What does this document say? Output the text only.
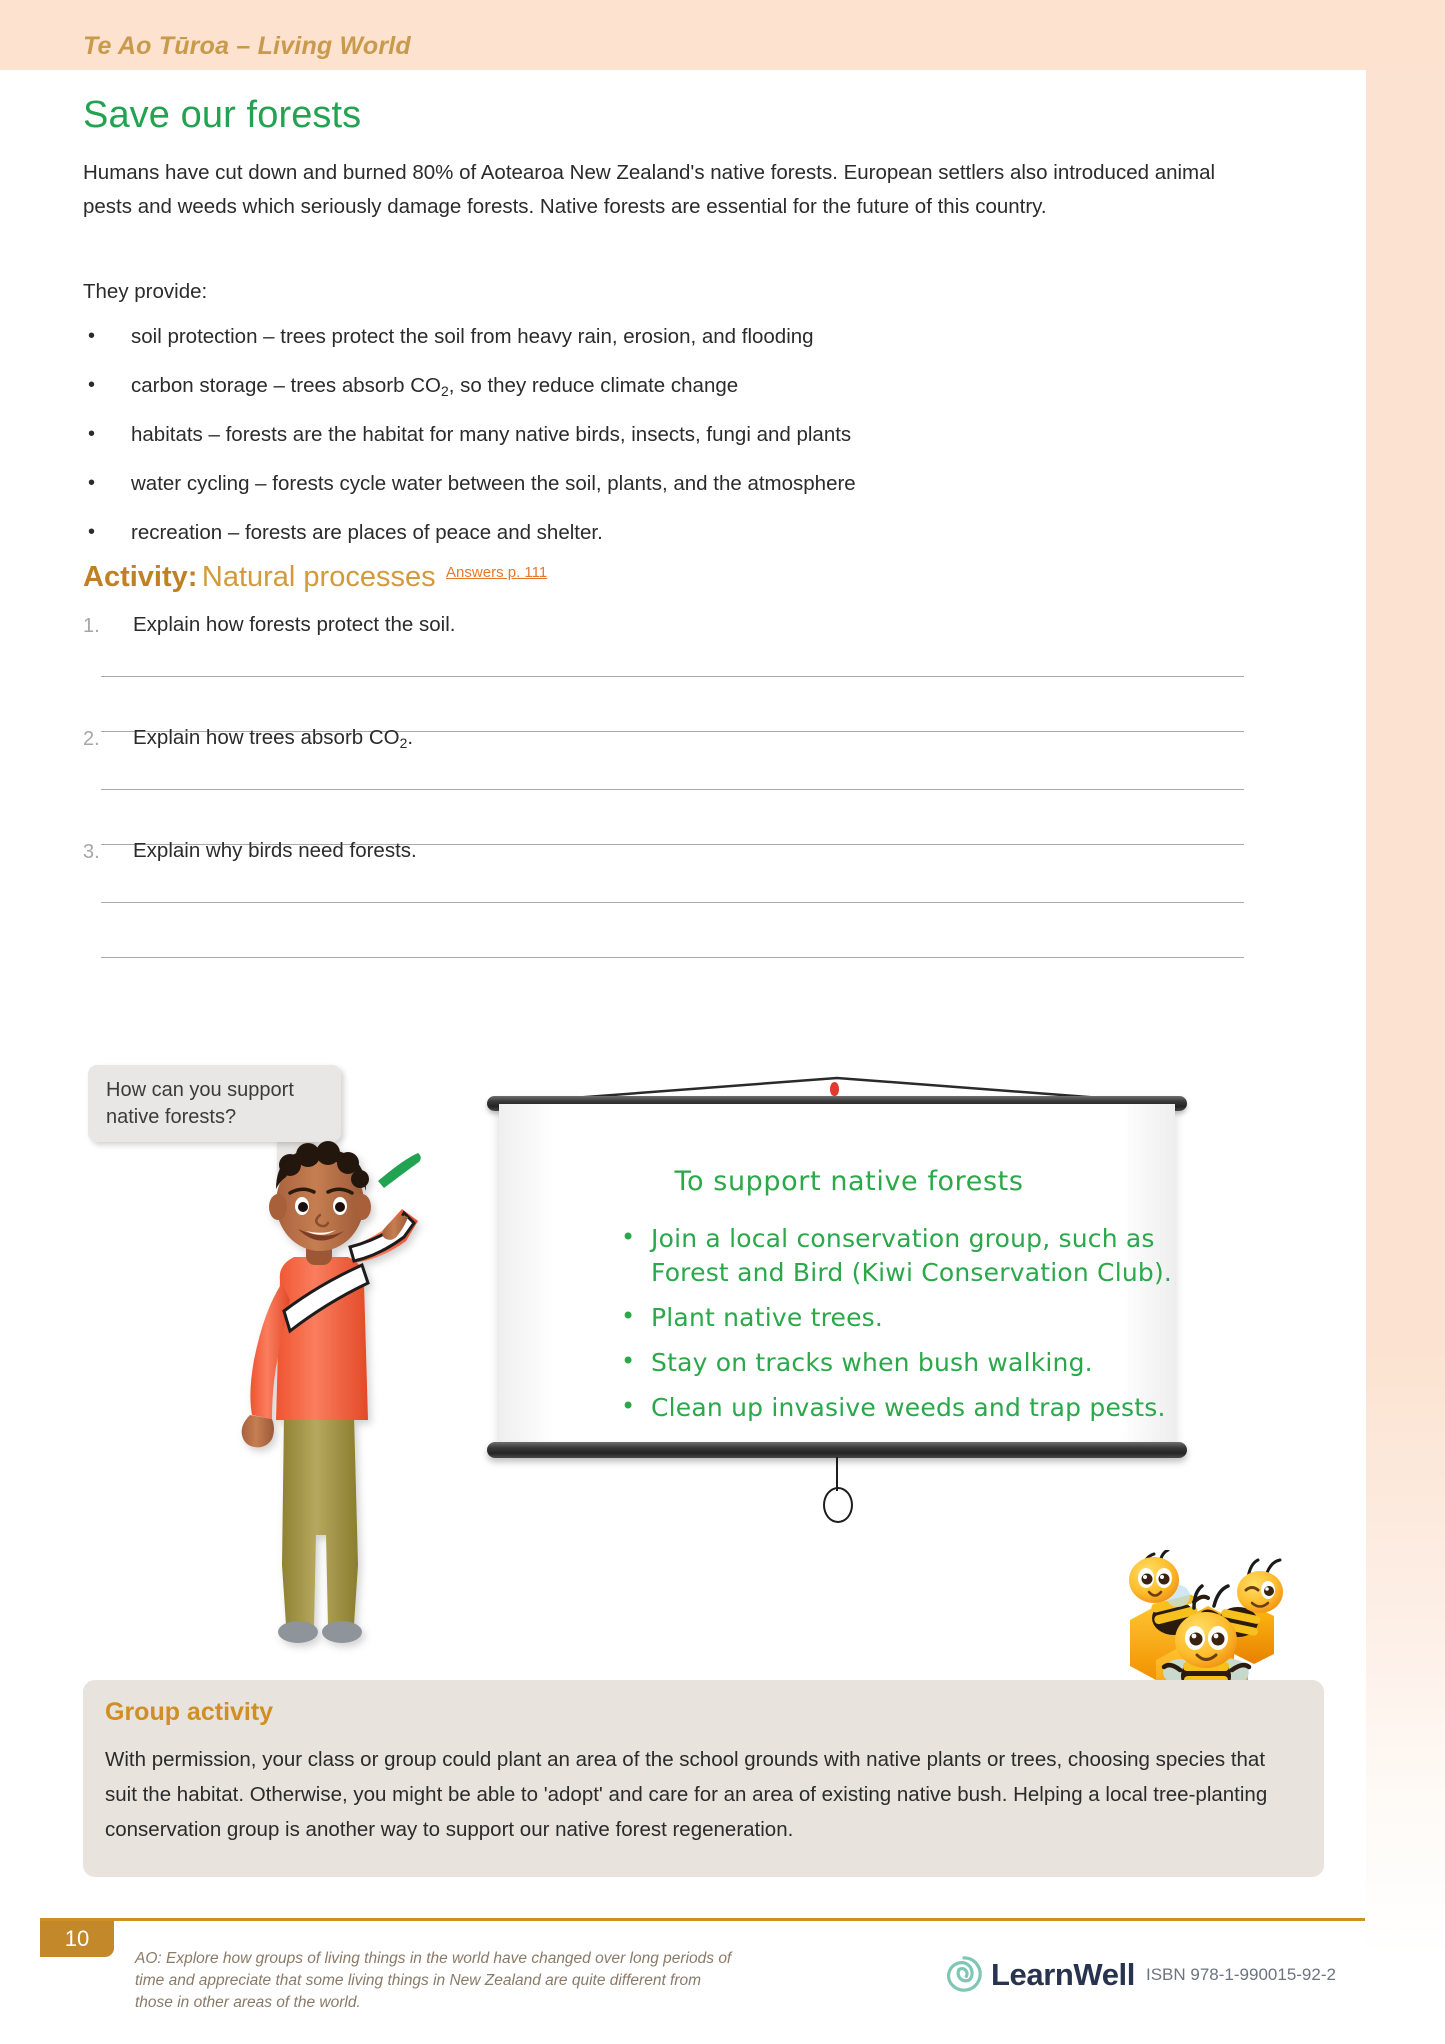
Te Ao Tūroa – Living World
Save our forests
Humans have cut down and burned 80% of Aotearoa New Zealand's native forests. European settlers also introduced animal pests and weeds which seriously damage forests. Native forests are essential for the future of this country.
They provide:
• soil protection – trees protect the soil from heavy rain, erosion, and flooding
• carbon storage – trees absorb $CO_2$, so they reduce climate change
• habitats – forests are the habitat for many native birds, insects, fungi and plants
• water cycling – forests cycle water between the soil, plants, and the atmosphere
• recreation – forests are places of peace and shelter.
Activity: Natural processes Answers p. 111
1. Explain how forests protect the soil.
2. Explain how trees absorb $CO_2$.
3. Explain why birds need forests.
How can you support native forests?
To support native forests
• Join a local conservation group, such as Forest and Bird (Kiwi Conservation Club).
• Plant native trees.
• Stay on tracks when bush walking.
• Clean up invasive weeds and trap pests.
Group activity
With permission, your class or group could plant an area of the school grounds with native plants or trees, choosing species that suit the habitat. Otherwise, you might be able to 'adopt' and care for an area of existing native bush. Helping a local tree-planting conservation group is another way to support our native forest regeneration.
10
AO: Explore how groups of living things in the world have changed over long periods of time and appreciate that some living things in New Zealand are quite different from those in other areas of the world.
LearnWell ISBN 978-1-990015-92-2
